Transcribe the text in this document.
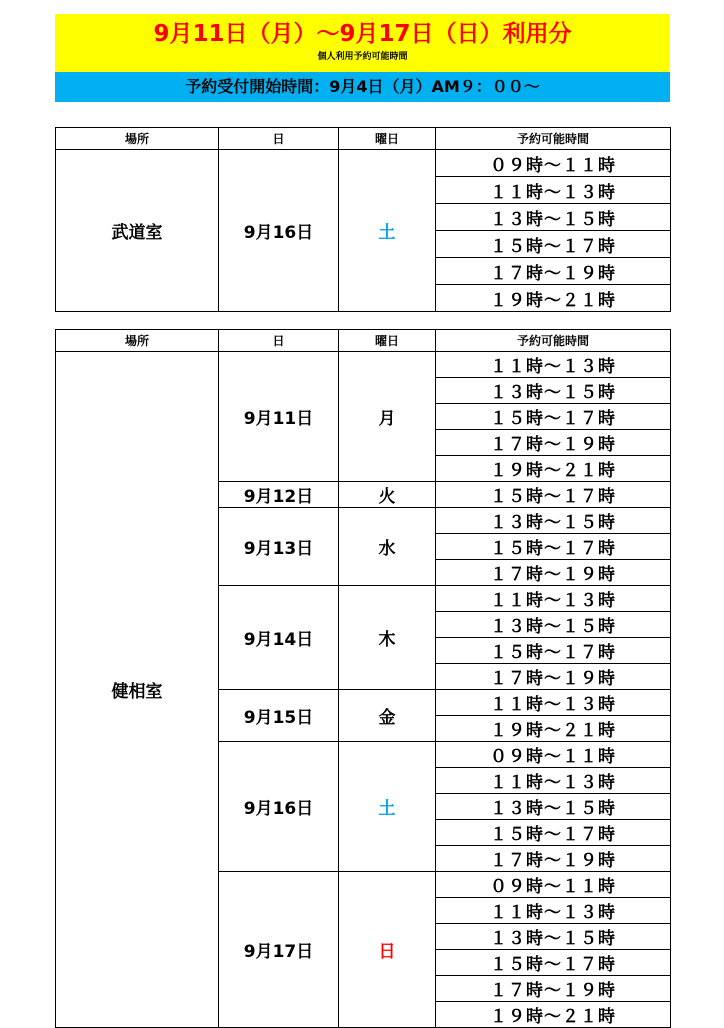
9月11日（月）～9月17日（日）利用分
個人利用予約可能時間
予約受付開始時間：9月4日（月）AM９：００～
場所	日	曜日	予約可能時間
武道室	9月16日	土	０９時～１１時
			１１時～１３時
			１３時～１５時
			１５時～１７時
			１７時～１９時
			１９時～２１時
場所	日	曜日	予約可能時間
健相室	9月11日	月	１１時～１３時
			１３時～１５時
			１５時～１７時
			１７時～１９時
			１９時～２１時
	9月12日	火	１５時～１７時
	9月13日	水	１３時～１５時
			１５時～１７時
			１７時～１９時
	9月14日	木	１１時～１３時
			１３時～１５時
			１５時～１７時
			１７時～１９時
	9月15日	金	１１時～１３時
			１９時～２１時
	9月16日	土	０９時～１１時
			１１時～１３時
			１３時～１５時
			１５時～１７時
			１７時～１９時
	9月17日	日	０９時～１１時
			１１時～１３時
			１３時～１５時
			１５時～１７時
			１７時～１９時
			１９時～２１時
